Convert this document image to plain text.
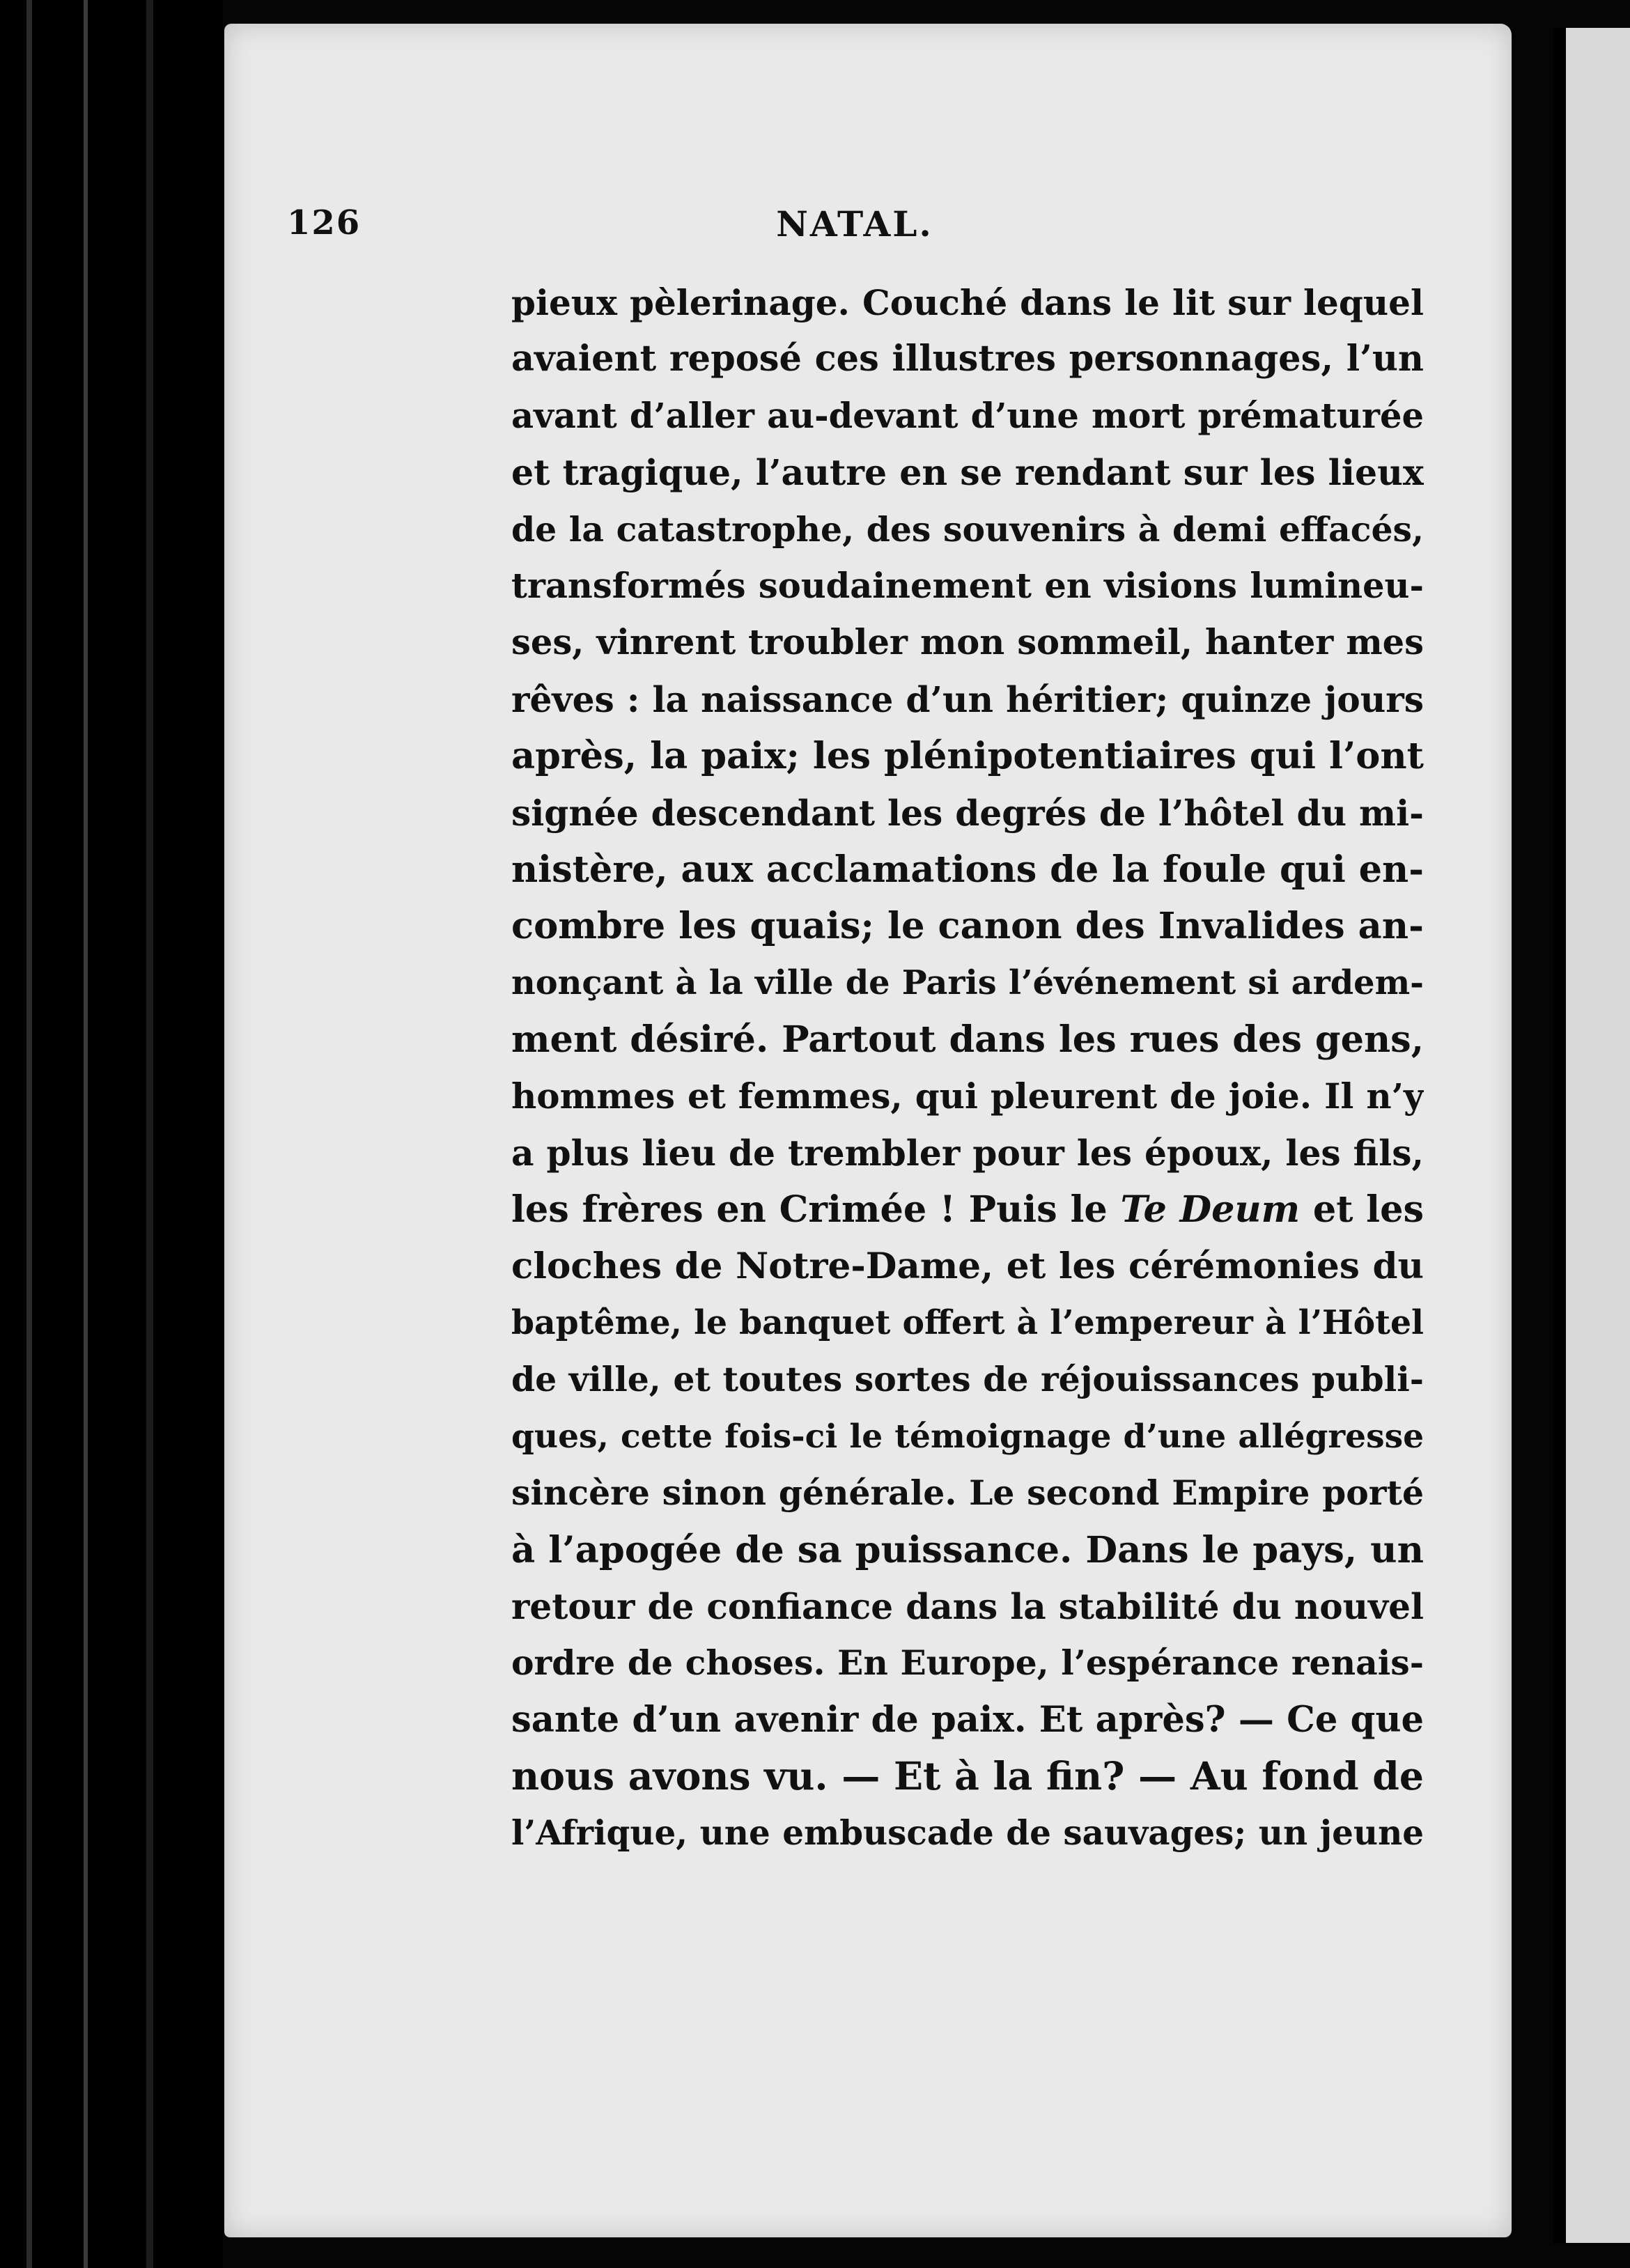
126	NATAL.
pieux pèlerinage. Couché dans le lit sur lequel
avaient reposé ces illustres personnages, l’un
avant d’aller au-devant d’une mort prématurée
et tragique, l’autre en se rendant sur les lieux
de la catastrophe, des souvenirs à demi effacés,
transformés soudainement en visions lumineu-
ses, vinrent troubler mon sommeil, hanter mes
rêves : la naissance d’un héritier; quinze jours
après, la paix; les plénipotentiaires qui l’ont
signée descendant les degrés de l’hôtel du mi-
nistère, aux acclamations de la foule qui en-
combre les quais; le canon des Invalides an-
nonçant à la ville de Paris l’événement si ardem-
ment désiré. Partout dans les rues des gens,
hommes et femmes, qui pleurent de joie. Il n’y
a plus lieu de trembler pour les époux, les fils,
les frères en Crimée ! Puis le Te Deum et les
cloches de Notre-Dame, et les cérémonies du
baptême, le banquet offert à l’empereur à l’Hôtel
de ville, et toutes sortes de réjouissances publi-
ques, cette fois-ci le témoignage d’une allégresse
sincère sinon générale. Le second Empire porté
à l’apogée de sa puissance. Dans le pays, un
retour de confiance dans la stabilité du nouvel
ordre de choses. En Europe, l’espérance renais-
sante d’un avenir de paix. Et après? — Ce que
nous avons vu. — Et à la fin? — Au fond de
l’Afrique, une embuscade de sauvages; un jeune
